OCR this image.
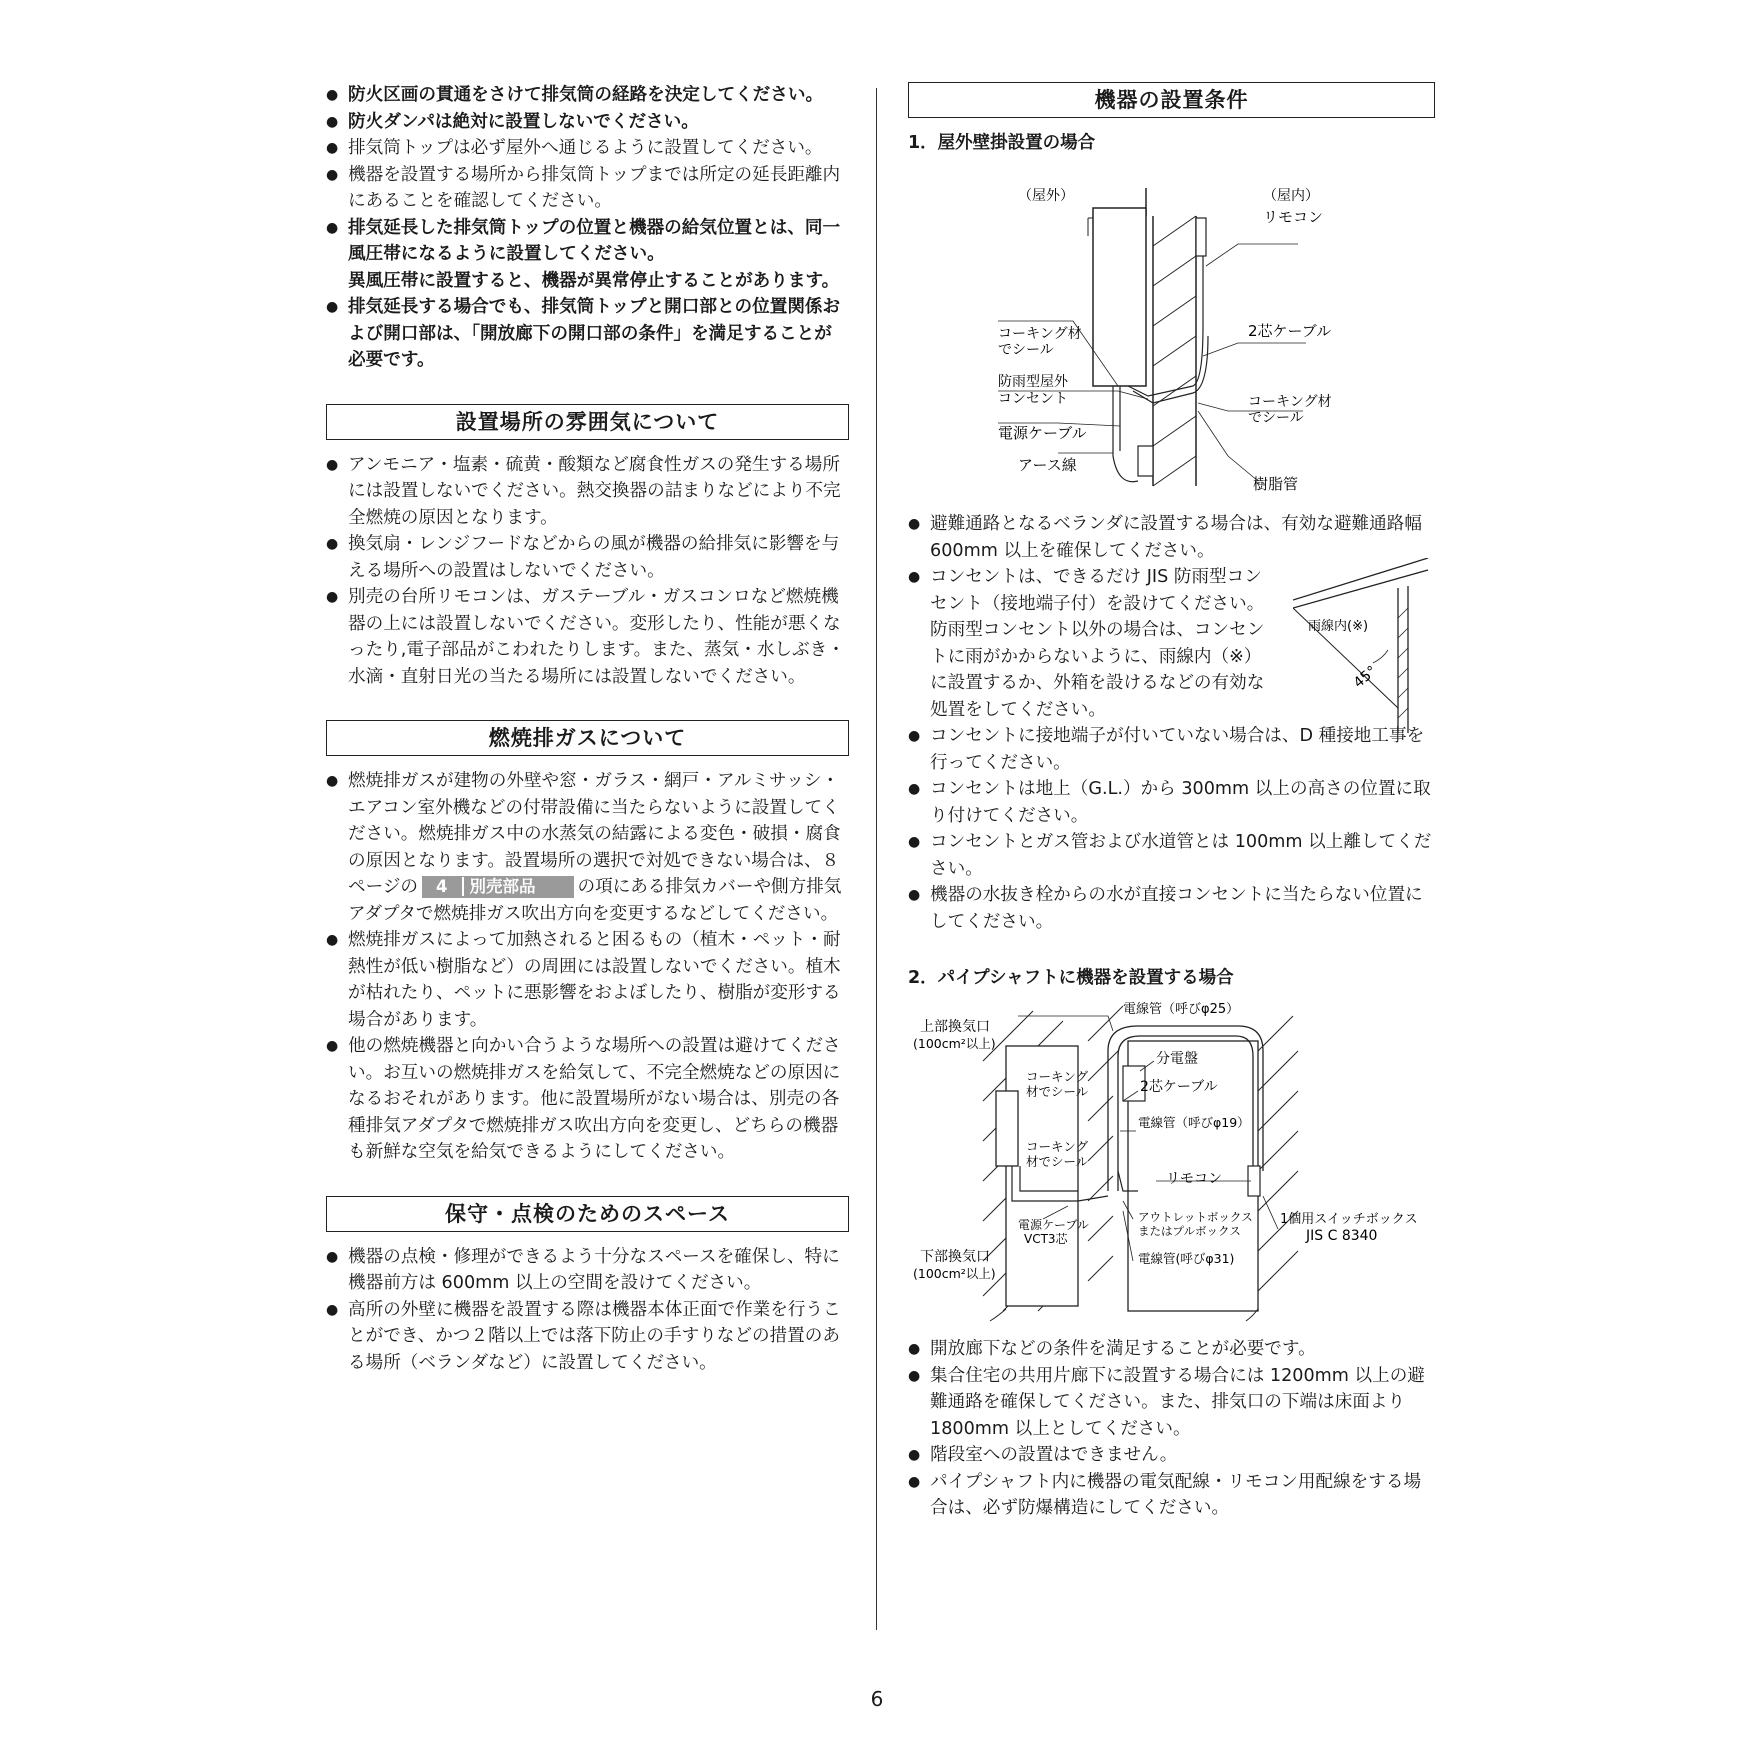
● 防火区画の貫通をさけて排気筒の経路を決定してください。
● 防火ダンパは絶対に設置しないでください。
● 排気筒トップは必ず屋外へ通じるように設置してください。
● 機器を設置する場所から排気筒トップまでは所定の延長距離内にあることを確認してください。
● 排気延長した排気筒トップの位置と機器の給気位置とは、同一風圧帯になるように設置してください。
異風圧帯に設置すると、機器が異常停止することがあります。
● 排気延長する場合でも、排気筒トップと開口部との位置関係および開口部は、「開放廊下の開口部の条件」を満足することが必要です。
設置場所の雰囲気について
● アンモニア・塩素・硫黄・酸類など腐食性ガスの発生する場所には設置しないでください。熱交換器の詰まりなどにより不完全燃焼の原因となります。
● 換気扇・レンジフードなどからの風が機器の給排気に影響を与える場所への設置はしないでください。
● 別売の台所リモコンは、ガステーブル・ガスコンロなど燃焼機器の上には設置しないでください。変形したり、性能が悪くなったり,電子部品がこわれたりします。また、蒸気・水しぶき・水滴・直射日光の当たる場所には設置しないでください。
燃焼排ガスについて
● 燃焼排ガスが建物の外壁や窓・ガラス・網戸・アルミサッシ・エアコン室外機などの付帯設備に当たらないように設置してください。燃焼排ガス中の水蒸気の結露による変色・破損・腐食の原因となります。設置場所の選択で対処できない場合は、８ページの 4 別売部品 の項にある排気カバーや側方排気アダプタで燃焼排ガス吹出方向を変更するなどしてください。
● 燃焼排ガスによって加熱されると困るもの（植木・ペット・耐熱性が低い樹脂など）の周囲には設置しないでください。植木が枯れたり、ペットに悪影響をおよぼしたり、樹脂が変形する場合があります。
● 他の燃焼機器と向かい合うような場所への設置は避けてください。お互いの燃焼排ガスを給気して、不完全燃焼などの原因になるおそれがあります。他に設置場所がない場合は、別売の各種排気アダプタで燃焼排ガス吹出方向を変更し、どちらの機器も新鮮な空気を給気できるようにしてください。
保守・点検のためのスペース
● 機器の点検・修理ができるよう十分なスペースを確保し、特に機器前方は 600mm 以上の空間を設けてください。
● 高所の外壁に機器を設置する際は機器本体正面で作業を行うことができ、かつ２階以上では落下防止の手すりなどの措置のある場所（ベランダなど）に設置してください。
機器の設置条件
1．屋外壁掛設置の場合
（屋外）	（屋内）
リモコン
コーキング材
でシール
2芯ケーブル
防雨型屋外
コンセント	コーキング材
でシール
電源ケーブル
アース線
樹脂管
● 避難通路となるベランダに設置する場合は、有効な避難通路幅 600mm 以上を確保してください。
● コンセントは、できるだけ JIS 防雨型コンセント（接地端子付）を設けてください。防雨型コンセント以外の場合は、コンセントに雨がかからないように、雨線内（※）に設置するか、外箱を設けるなどの有効な処置をしてください。
雨線内(※)
45°
● コンセントに接地端子が付いていない場合は、D 種接地工事を行ってください。
● コンセントは地上（G.L.）から 300mm 以上の高さの位置に取り付けてください。
● コンセントとガス管および水道管とは 100mm 以上離してください。
● 機器の水抜き栓からの水が直接コンセントに当たらない位置にしてください。
2．パイプシャフトに機器を設置する場合
電線管（呼びφ25）
上部換気口
(100cm²以上)
分電盤
コーキング
材でシール	2芯ケーブル
電線管（呼びφ19）
コーキング
材でシール
リモコン
1個用スイッチボックス
JIS C 8340
アウトレットボックス
またはプルボックス
電源ケーブル
VCT3芯
電線管(呼びφ31)
下部換気口
(100cm²以上)
● 開放廊下などの条件を満足することが必要です。
● 集合住宅の共用片廊下に設置する場合には 1200mm 以上の避難通路を確保してください。また、排気口の下端は床面より 1800mm 以上としてください。
● 階段室への設置はできません。
● パイプシャフト内に機器の電気配線・リモコン用配線をする場合は、必ず防爆構造にしてください。
6
